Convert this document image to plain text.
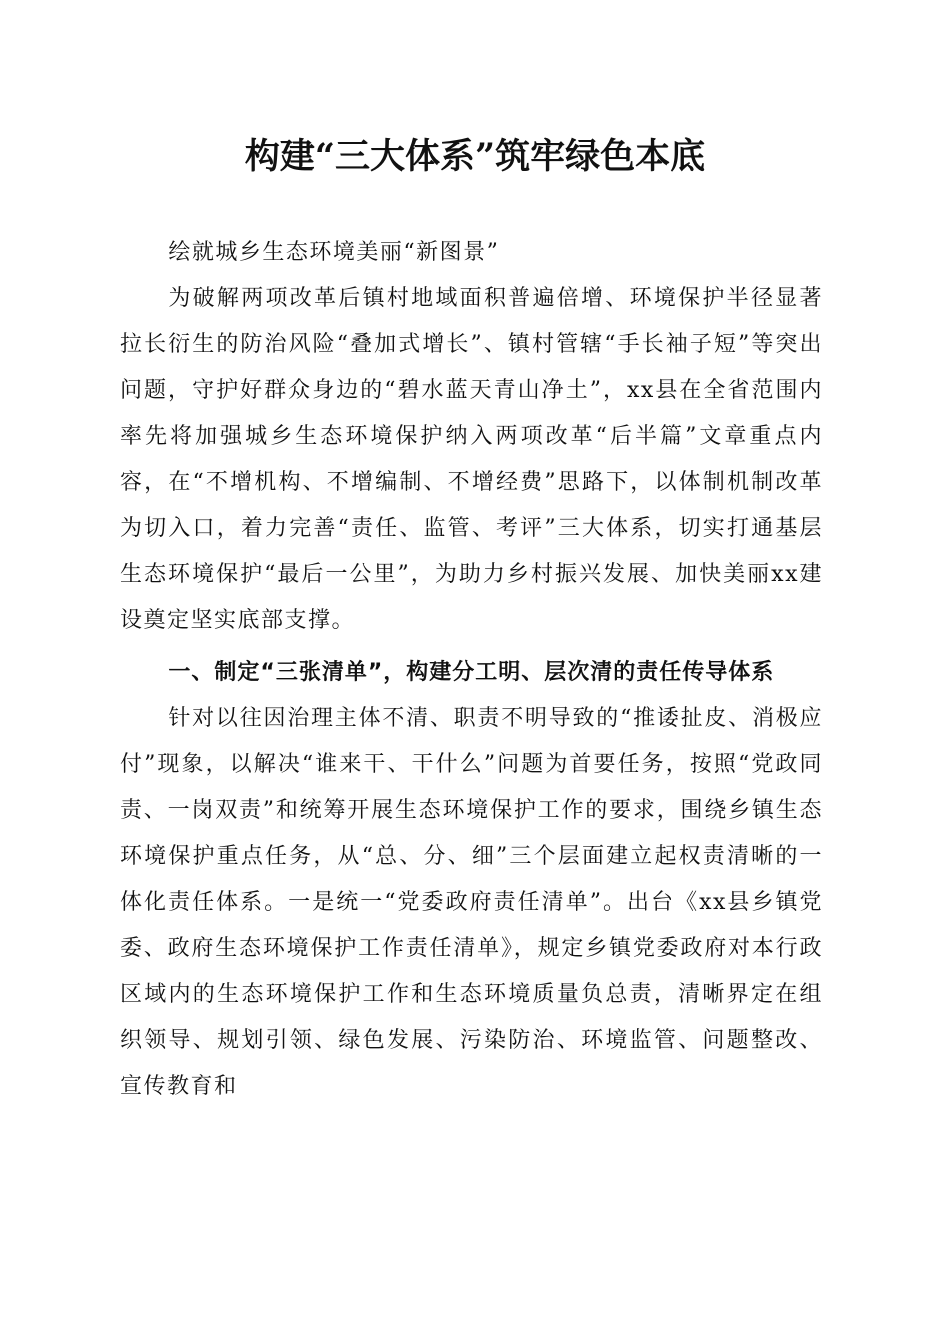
构建“三大体系”筑牢绿色本底

绘就城乡生态环境美丽“新图景”

为破解两项改革后镇村地域面积普遍倍增、环境保护半径显著拉长衍生的防治风险“叠加式增长”、镇村管辖“手长袖子短”等突出问题，守护好群众身边的“碧水蓝天青山净土”，xx县在全省范围内率先将加强城乡生态环境保护纳入两项改革“后半篇”文章重点内容，在“不增机构、不增编制、不增经费”思路下，以体制机制改革为切入口，着力完善“责任、监管、考评”三大体系，切实打通基层生态环境保护“最后一公里”，为助力乡村振兴发展、加快美丽xx建设奠定坚实底部支撑。

一、制定“三张清单”，构建分工明、层次清的责任传导体系

针对以往因治理主体不清、职责不明导致的“推诿扯皮、消极应付”现象，以解决“谁来干、干什么”问题为首要任务，按照“党政同责、一岗双责”和统筹开展生态环境保护工作的要求，围绕乡镇生态环境保护重点任务，从“总、分、细”三个层面建立起权责清晰的一体化责任体系。一是统一“党委政府责任清单”。出台《xx县乡镇党委、政府生态环境保护工作责任清单》，规定乡镇党委政府对本行政区域内的生态环境保护工作和生态环境质量负总责，清晰界定在组织领导、规划引领、绿色发展、污染防治、环境监管、问题整改、宣传教育和
